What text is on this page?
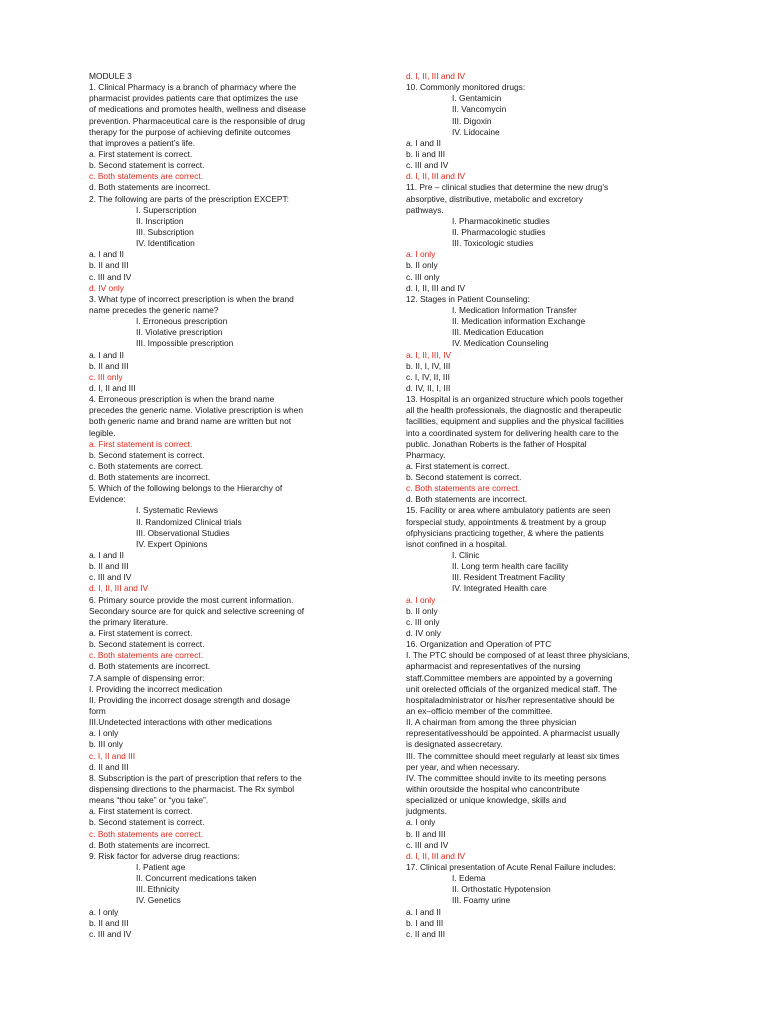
MODULE 3
1. Clinical Pharmacy is a branch of pharmacy where the
pharmacist provides patients care that optimizes the use
of medications and promotes health, wellness and disease
prevention. Pharmaceutical care is the responsible of drug
therapy for the purpose of achieving definite outcomes
that improves a patient’s life.
a. First statement is correct.
b. Second statement is correct.
c. Both statements are correct.
d. Both statements are incorrect.
2. The following are parts of the prescription EXCEPT:
I. Superscription
II. Inscription
III. Subscription
IV. Identification
a. I and II
b. II and III
c. III and IV
d. IV only
3. What type of incorrect prescription is when the brand
name precedes the generic name?
I. Erroneous prescription
II. Violative prescription
III. Impossible prescription
a. I and II
b. II and III
c. III only
d. I, II and III
4. Erroneous prescription is when the brand name
precedes the generic name. Violative prescription is when
both generic name and brand name are written but not
legible.
a. First statement is correct.
b. Second statement is correct.
c. Both statements are correct.
d. Both statements are incorrect.
5. Which of the following belongs to the Hierarchy of
Evidence:
I. Systematic Reviews
II. Randomized Clinical trials
III. Observational Studies
IV. Expert Opinions
a. I and II
b. II and III
c. III and IV
d. I, II, III and IV
6. Primary source provide the most current information.
Secondary source are for quick and selective screening of
the primary literature.
a. First statement is correct.
b. Second statement is correct.
c. Both statements are correct.
d. Both statements are incorrect.
7.A sample of dispensing error:
I. Providing the incorrect medication
II. Providing the incorrect dosage strength and dosage
form
III.Undetected interactions with other medications
a. I only
b. III only
c. I, II and III
d. II and III
8. Subscription is the part of prescription that refers to the
dispensing directions to the pharmacist. The Rx symbol
means “thou take” or “you take”.
a. First statement is correct.
b. Second statement is correct.
c. Both statements are correct.
d. Both statements are incorrect.
9. Risk factor for adverse drug reactions:
I. Patient age
II. Concurrent medications taken
III. Ethnicity
IV. Genetics
a. I only
b. II and III
c. III and IV
d. I, II, III and IV
10. Commonly monitored drugs:
I. Gentamicin
II. Vancomycin
III. Digoxin
IV. Lidocaine
a. I and II
b. Ii and III
c. III and IV
d. I, II, III and IV
11. Pre – clinical studies that determine the new drug’s
absorptive, distributive, metabolic and excretory
pathways.
I. Pharmacokinetic studies
II. Pharmacologic studies
III. Toxicologic studies
a. I only
b. II only
c. III only
d. I, II, III and IV
12. Stages in Patient Counseling:
I. Medication Information Transfer
II. Medication information Exchange
III. Medication Education
IV. Medication Counseling
a. I, II, III, IV
b. II, I, IV, III
c. I, IV, II, III
d. IV, II, I, III
13. Hospital is an organized structure which pools together
all the health professionals, the diagnostic and therapeutic
facilities, equipment and supplies and the physical facilities
into a coordinated system for delivering health care to the
public. Jonathan Roberts is the father of Hospital
Pharmacy.
a. First statement is correct.
b. Second statement is correct.
c. Both statements are correct.
d. Both statements are incorrect.
15. Facility or area where ambulatory patients are seen
forspecial study, appointments & treatment by a group
ofphysicians practicing together, & where the patients
isnot confined in a hospital.
I. Clinic
II. Long term health care facility
III. Resident Treatment Facility
IV. Integrated Health care
a. I only
b. II only
c. III only
d. IV only
16. Organization and Operation of PTC
I. The PTC should be composed of at least three physicians,
apharmacist and representatives of the nursing
staff.Committee members are appointed by a governing
unit orelected officials of the organized medical staff. The
hospitaladministrator or his/her representative should be
an ex–officio member of the committee.
II. A chairman from among the three physician
representativesshould be appointed. A pharmacist usually
is designated assecretary.
III. The committee should meet regularly at least six times
per year, and when necessary.
IV. The committee should invite to its meeting persons
within oroutside the hospital who cancontribute
specialized or unique knowledge, skills and
judgments.
a. I only
b. II and III
c. III and IV
d. I, II, III and IV
17. Clinical presentation of Acute Renal Failure includes:
I. Edema
II. Orthostatic Hypotension
III. Foamy urine
a. I and II
b. I and III
c. II and III
